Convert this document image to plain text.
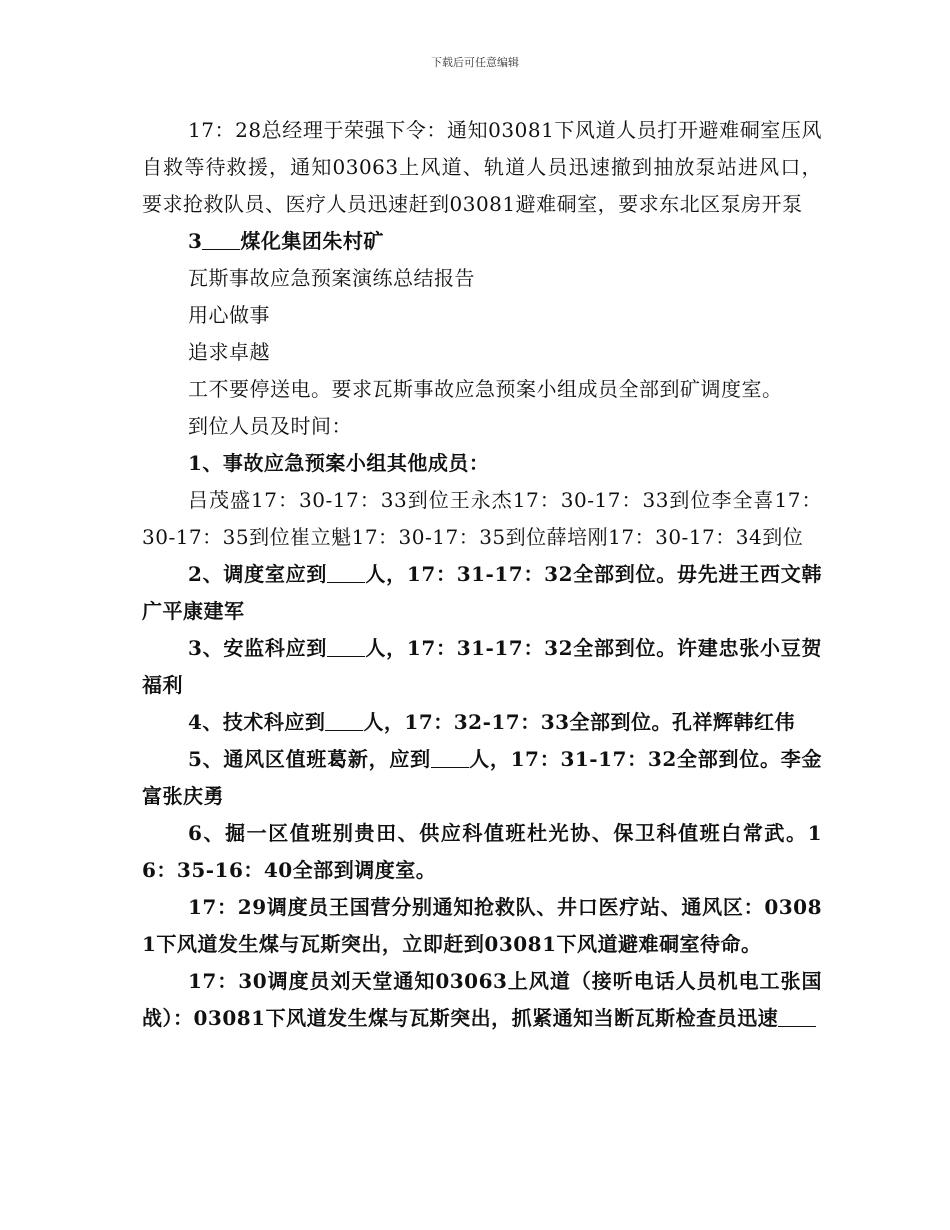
下载后可任意编辑

17：28总经理于荣强下令：通知03081下风道人员打开避难硐室压风自救等待救援，通知03063上风道、轨道人员迅速撤到抽放泵站进风口，要求抢救队员、医疗人员迅速赶到03081避难硐室，要求东北区泵房开泵

3 煤化集团朱村矿

瓦斯事故应急预案演练总结报告

用心做事

追求卓越

工不要停送电。要求瓦斯事故应急预案小组成员全部到矿调度室。

到位人员及时间：

1、事故应急预案小组其他成员：

吕茂盛17：30-17：33到位王永杰17：30-17：33到位李全喜17：30-17：35到位崔立魁17：30-17：35到位薛培刚17：30-17：34到位

2、调度室应到 人，17：31-17：32全部到位。毋先进王西文韩广平康建军

3、安监科应到 人，17：31-17：32全部到位。许建忠张小豆贺福利

4、技术科应到 人，17：32-17：33全部到位。孔祥辉韩红伟

5、通风区值班葛新，应到 人，17：31-17：32全部到位。李金富张庆勇

6、掘一区值班别贵田、供应科值班杜光协、保卫科值班白常武。16：35-16：40全部到调度室。

17：29调度员王国营分别通知抢救队、井口医疗站、通风区：03081下风道发生煤与瓦斯突出，立即赶到03081下风道避难硐室待命。

17：30调度员刘天堂通知03063上风道（接听电话人员机电工张国战）：03081下风道发生煤与瓦斯突出，抓紧通知当断瓦斯检查员迅速
